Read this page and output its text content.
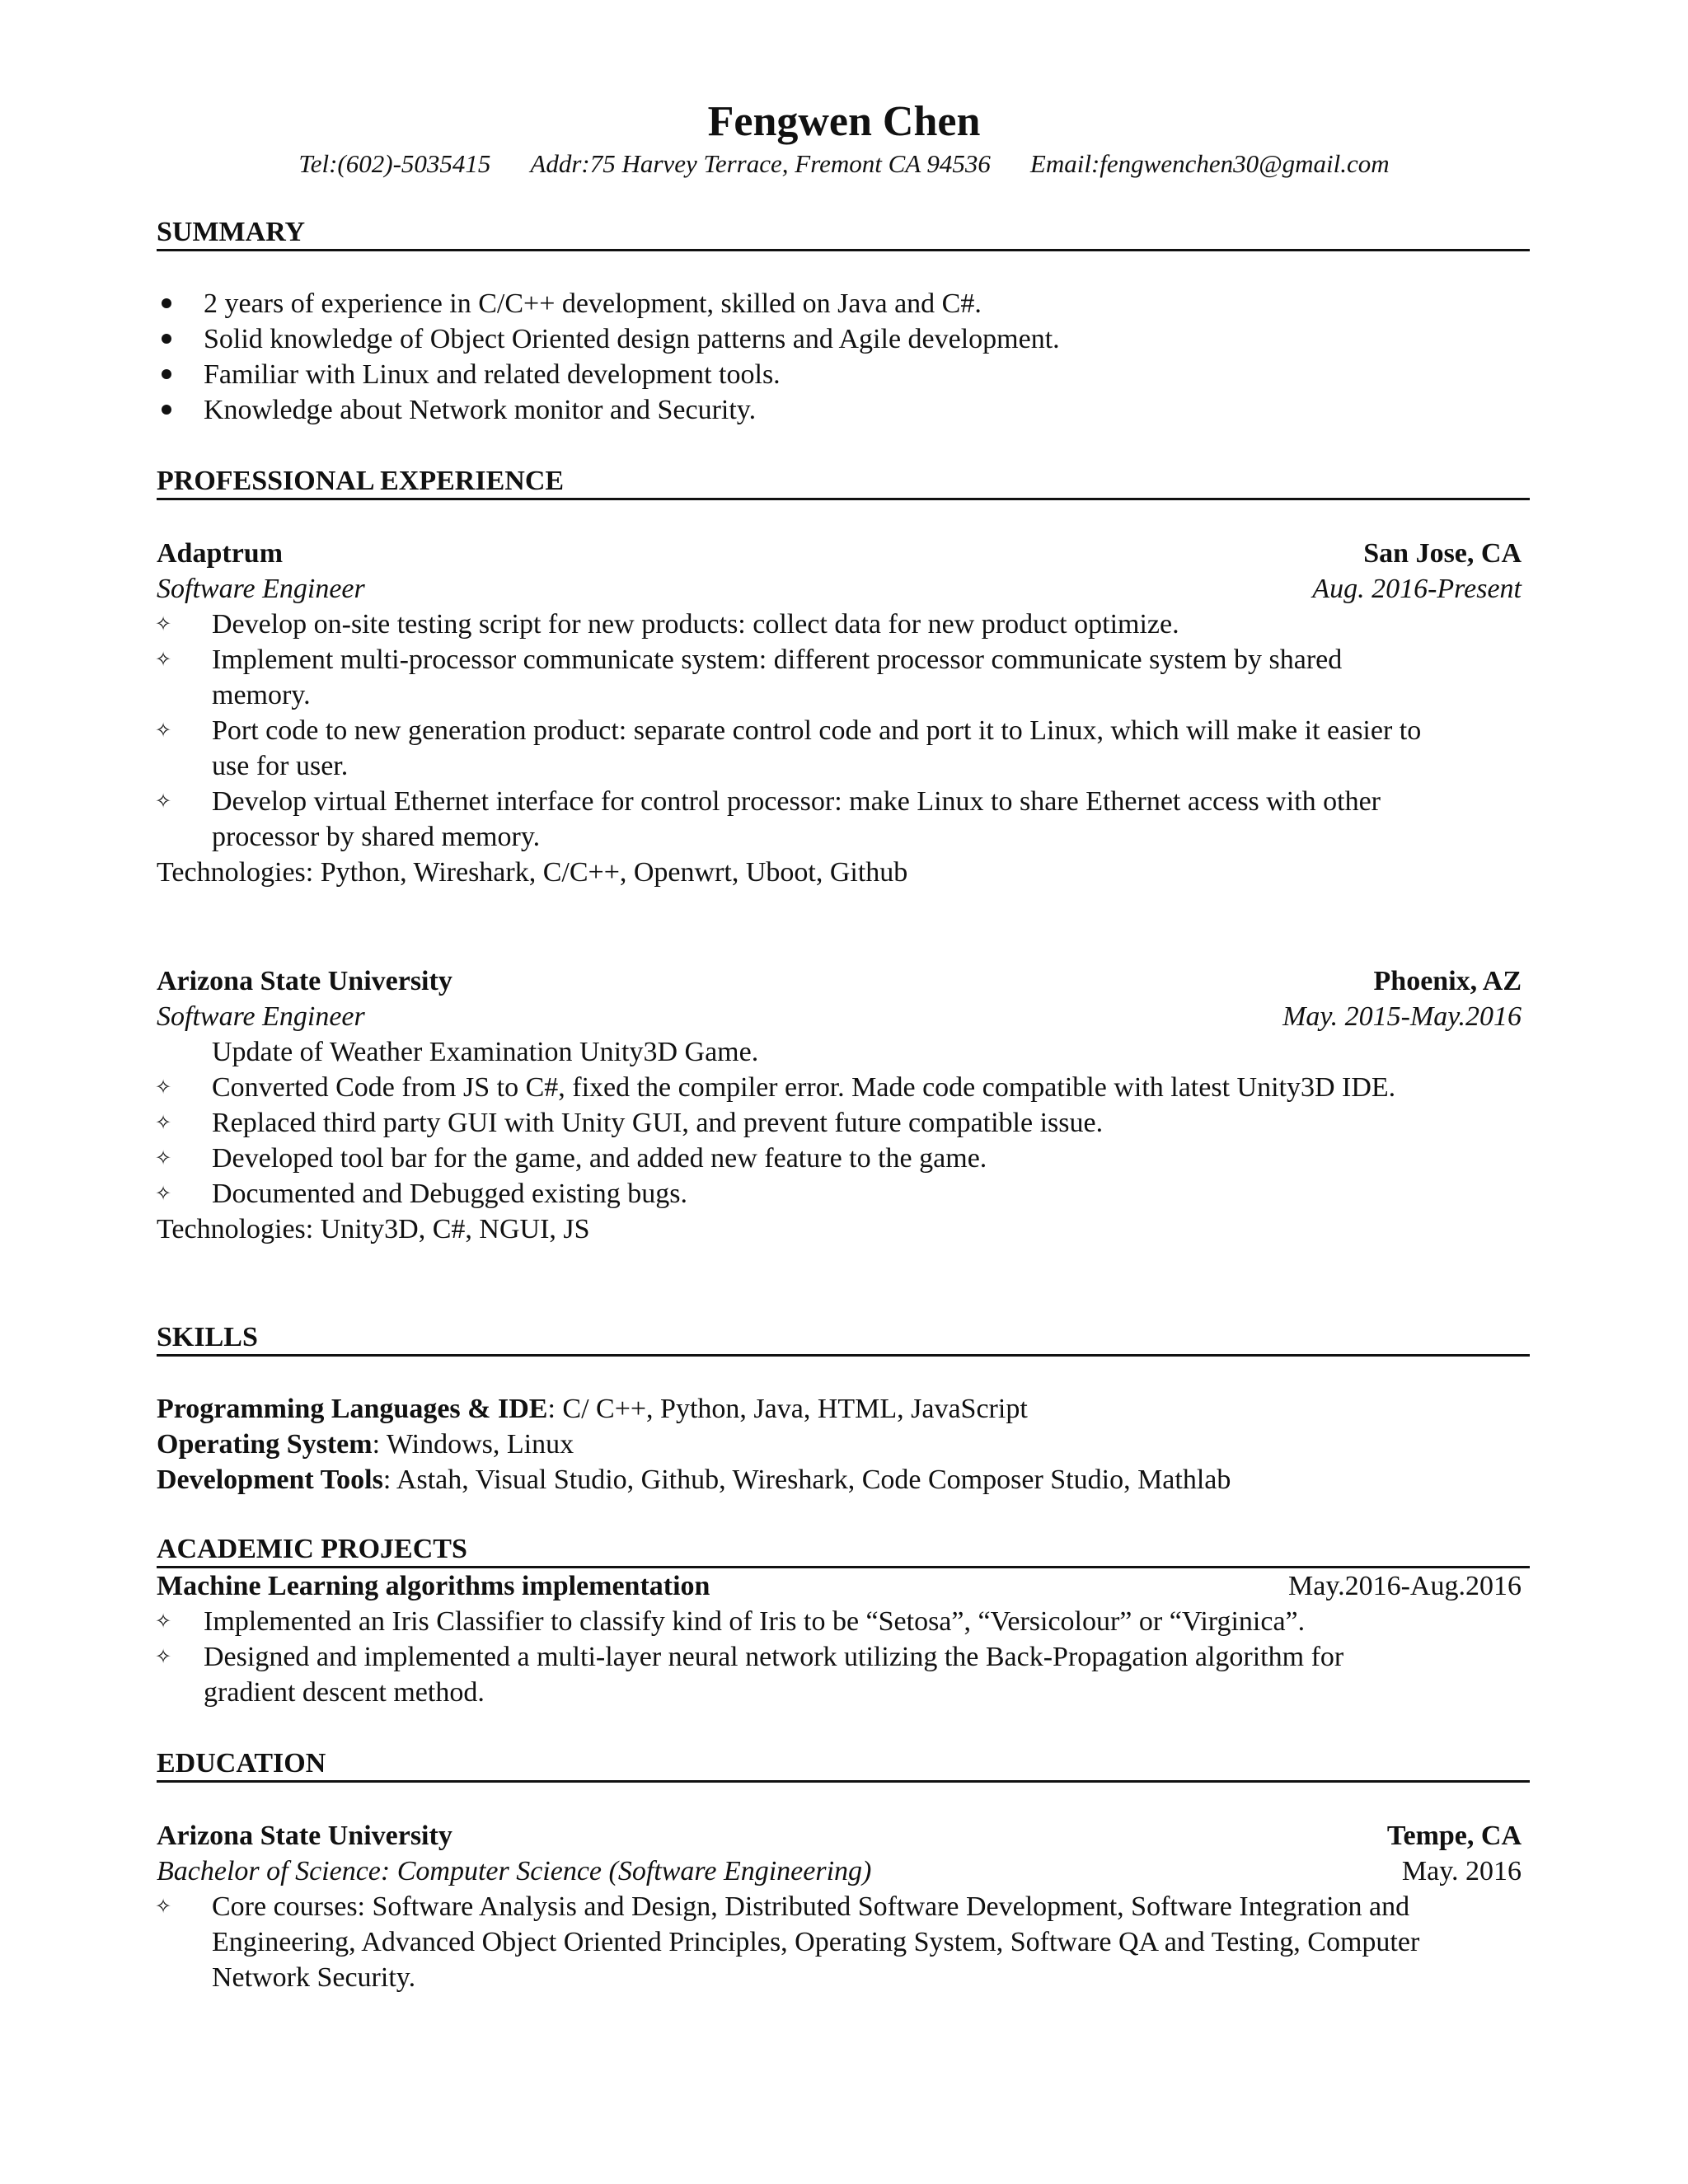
Fengwen Chen
Tel:(602)-5035415 Addr:75 Harvey Terrace, Fremont CA 94536 Email:fengwenchen30@gmail.com
SUMMARY
2 years of experience in C/C++ development, skilled on Java and C#.
Solid knowledge of Object Oriented design patterns and Agile development.
Familiar with Linux and related development tools.
Knowledge about Network monitor and Security.
PROFESSIONAL EXPERIENCE
Adaptrum	San Jose, CA
Software Engineer	Aug. 2016-Present
✧ Develop on-site testing script for new products: collect data for new product optimize.
✧ Implement multi-processor communicate system: different processor communicate system by shared
memory.
✧ Port code to new generation product: separate control code and port it to Linux, which will make it easier to
use for user.
✧ Develop virtual Ethernet interface for control processor: make Linux to share Ethernet access with other
processor by shared memory.
Technologies: Python, Wireshark, C/C++, Openwrt, Uboot, Github
Arizona State University	Phoenix, AZ
Software Engineer	May. 2015-May.2016
Update of Weather Examination Unity3D Game.
✧ Converted Code from JS to C#, fixed the compiler error. Made code compatible with latest Unity3D IDE.
✧ Replaced third party GUI with Unity GUI, and prevent future compatible issue.
✧ Developed tool bar for the game, and added new feature to the game.
✧ Documented and Debugged existing bugs.
Technologies: Unity3D, C#, NGUI, JS
SKILLS
Programming Languages & IDE: C/ C++, Python, Java, HTML, JavaScript
Operating System: Windows, Linux
Development Tools: Astah, Visual Studio, Github, Wireshark, Code Composer Studio, Mathlab
ACADEMIC PROJECTS
Machine Learning algorithms implementation	May.2016-Aug.2016
✧ Implemented an Iris Classifier to classify kind of Iris to be “Setosa”, “Versicolour” or “Virginica”.
✧ Designed and implemented a multi-layer neural network utilizing the Back-Propagation algorithm for
gradient descent method.
EDUCATION
Arizona State University	Tempe, CA
Bachelor of Science: Computer Science (Software Engineering)	May. 2016
✧ Core courses: Software Analysis and Design, Distributed Software Development, Software Integration and
Engineering, Advanced Object Oriented Principles, Operating System, Software QA and Testing, Computer
Network Security.
